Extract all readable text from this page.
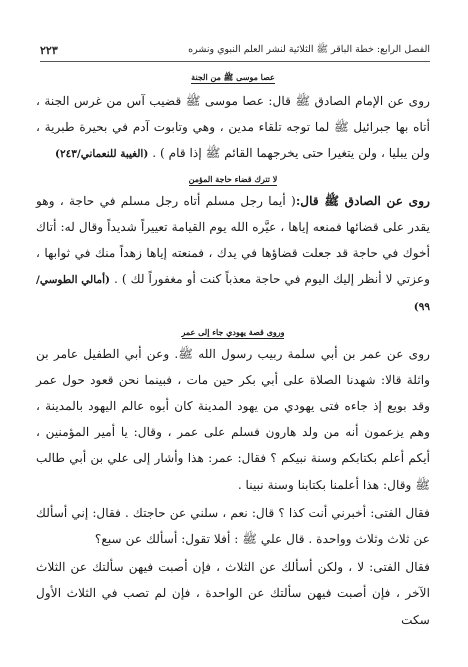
الفصل الرابع: خطة الباقر ﷺ الثلاثية لنشر العلم النبوي ونشره
٢٢٣
عصا موسى ﷺ من الجنة

روى عن الإمام الصادق ﷺ قال: عصا موسى ﷺ قضيب آس من غرس الجنة ، أتاه بها جبرائيل ﷺ لما توجه تلقاء مدين ، وهي وتابوت آدم في بحيرة طبرية ، ولن يبليا ، ولن يتغيرا حتى يخرجهما القائم ﷺ إذا قام ) . (الغيبة للنعماني/٢٤٣)

لا تترك قضاء حاجة المؤمن

روى عن الصادق ﷺ قال:( أيما رجل مسلم أتاه رجل مسلم في حاجة ، وهو يقدر على قضائها فمنعه إياها ، عيَّره الله يوم القيامة تعييراً شديداً وقال له: أتاك أخوك في حاجة قد جعلت قضاؤها في يدك ، فمنعته إياها زهداً منك في ثوابها ، وعزتي لا أنظر إليك اليوم في حاجة معذباً كنت أو مغفوراً لك ) . (أمالي الطوسي/ ٩٩)

وروى قصة يهودي جاء إلى عمر

روى عن عمر بن أبي سلمة ربيب رسول الله ﷺ. وعن أبي الطفيل عامر بن واثلة قالا: شهدنا الصلاة على أبي بكر حين مات ، فبينما نحن قعود حول عمر وقد بويع إذ جاءه فتى يهودي من يهود المدينة كان أبوه عالم اليهود بالمدينة ، وهم يزعمون أنه من ولد هارون فسلم على عمر ، وقال: يا أمير المؤمنين ، أيكم أعلم بكتابكم وسنة نبيكم ؟ فقال: عمر: هذا وأشار إلى علي بن أبي طالب ﷺ وقال: هذا أعلمنا بكتابنا وسنة نبينا .

فقال الفتى: أخبرني أنت كذا ؟ قال: نعم ، سلني عن حاجتك . فقال: إني أسألك عن ثلاث وثلاث وواحدة . قال علي ﷺ : أفلا تقول: أسألك عن سبع؟

فقال الفتى: لا ، ولكن أسألك عن الثلاث ، فإن أصبت فيهن سألتك عن الثلاث الآخر ، فإن أصبت فيهن سألتك عن الواحدة ، فإن لم تصب في الثلاث الأول سكت
